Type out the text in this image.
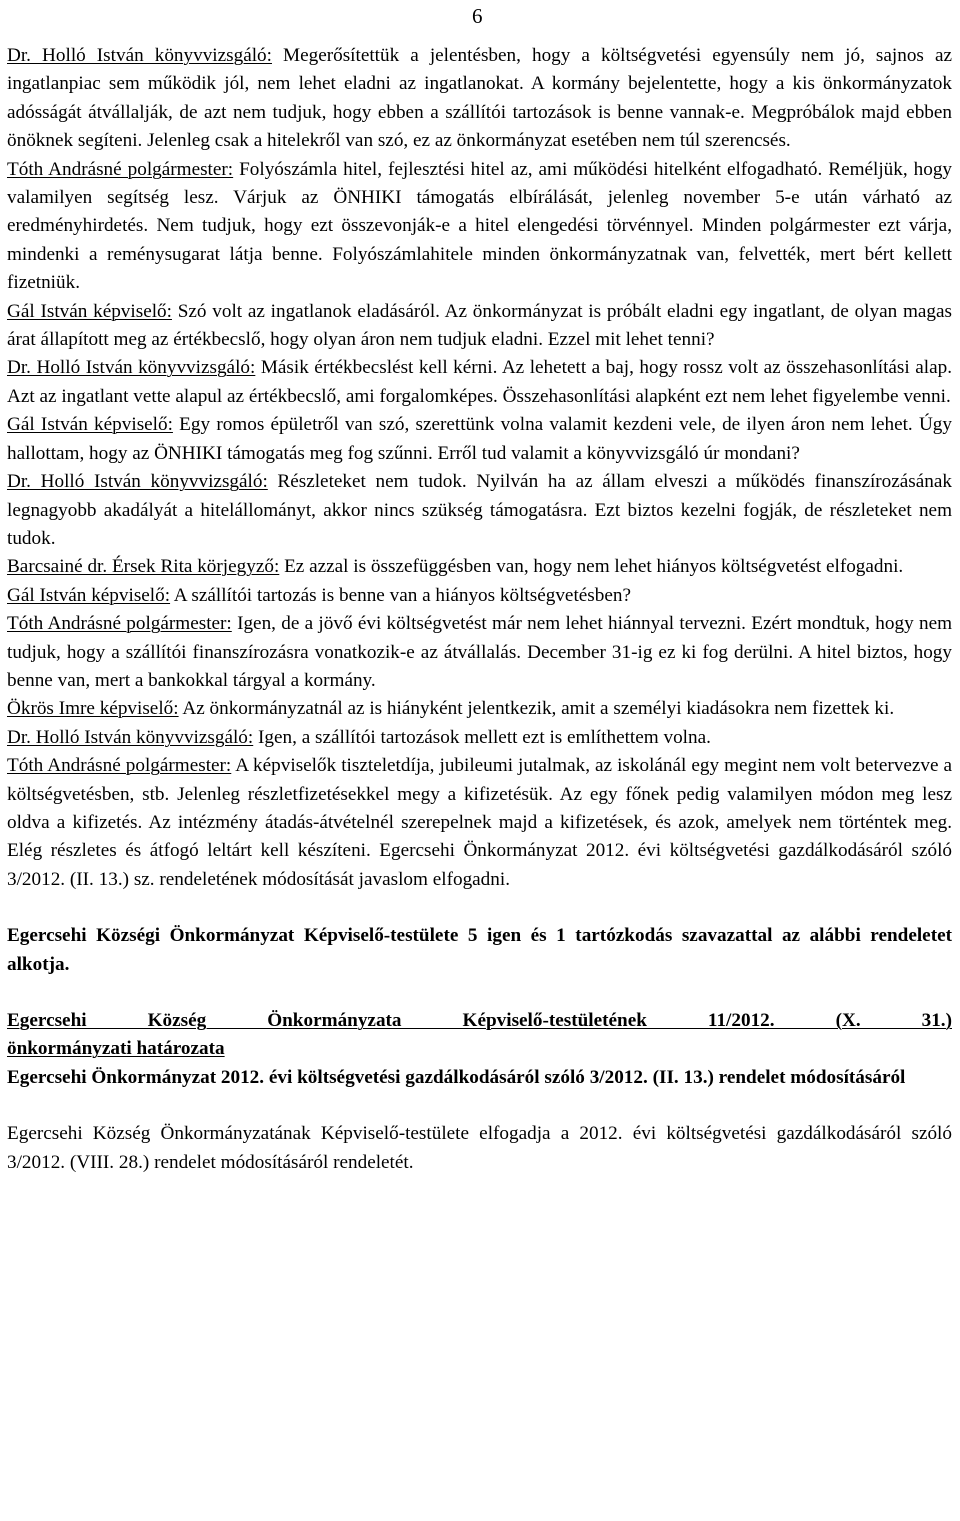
6

Dr. Holló István könyvvizsgáló: Megerősítettük a jelentésben, hogy a költségvetési egyensúly nem jó, sajnos az ingatlanpiac sem működik jól, nem lehet eladni az ingatlanokat. A kormány bejelentette, hogy a kis önkormányzatok adósságát átvállalják, de azt nem tudjuk, hogy ebben a szállítói tartozások is benne vannak-e. Megpróbálok majd ebben önöknek segíteni. Jelenleg csak a hitelekről van szó, ez az önkormányzat esetében nem túl szerencsés.

Tóth Andrásné polgármester: Folyószámla hitel, fejlesztési hitel az, ami működési hitelként elfogadható. Reméljük, hogy valamilyen segítség lesz. Várjuk az ÖNHIKI támogatás elbírálását, jelenleg november 5-e után várható az eredményhirdetés. Nem tudjuk, hogy ezt összevonják-e a hitel elengedési törvénnyel. Minden polgármester ezt várja, mindenki a reménysugarat látja benne. Folyószámlahitele minden önkormányzatnak van, felvették, mert bért kellett fizetniük.

Gál István képviselő: Szó volt az ingatlanok eladásáról. Az önkormányzat is próbált eladni egy ingatlant, de olyan magas árat állapított meg az értékbecslő, hogy olyan áron nem tudjuk eladni. Ezzel mit lehet tenni?

Dr. Holló István könyvvizsgáló: Másik értékbecslést kell kérni. Az lehetett a baj, hogy rossz volt az összehasonlítási alap. Azt az ingatlant vette alapul az értékbecslő, ami forgalomképes. Összehasonlítási alapként ezt nem lehet figyelembe venni.

Gál István képviselő: Egy romos épületről van szó, szerettünk volna valamit kezdeni vele, de ilyen áron nem lehet. Úgy hallottam, hogy az ÖNHIKI támogatás meg fog szűnni. Erről tud valamit a könyvvizsgáló úr mondani?

Dr. Holló István könyvvizsgáló: Részleteket nem tudok. Nyilván ha az állam elveszi a működés finanszírozásának legnagyobb akadályát a hitelállományt, akkor nincs szükség támogatásra. Ezt biztos kezelni fogják, de részleteket nem tudok.

Barcsainé dr. Érsek Rita körjegyző: Ez azzal is összefüggésben van, hogy nem lehet hiányos költségvetést elfogadni.

Gál István képviselő: A szállítói tartozás is benne van a hiányos költségvetésben?

Tóth Andrásné polgármester: Igen, de a jövő évi költségvetést már nem lehet hiánnyal tervezni. Ezért mondtuk, hogy nem tudjuk, hogy a szállítói finanszírozásra vonatkozik-e az átvállalás. December 31-ig ez ki fog derülni. A hitel biztos, hogy benne van, mert a bankokkal tárgyal a kormány.

Ökrös Imre képviselő: Az önkormányzatnál az is hiányként jelentkezik, amit a személyi kiadásokra nem fizettek ki.

Dr. Holló István könyvvizsgáló: Igen, a szállítói tartozások mellett ezt is említhettem volna.

Tóth Andrásné polgármester: A képviselők tiszteletdíja, jubileumi jutalmak, az iskolánál egy megint nem volt betervezve a költségvetésben, stb. Jelenleg részletfizetésekkel megy a kifizetésük. Az egy főnek pedig valamilyen módon meg lesz oldva a kifizetés. Az intézmény átadás-átvételnél szerepelnek majd a kifizetések, és azok, amelyek nem történtek meg. Elég részletes és átfogó leltárt kell készíteni. Egercsehi Önkormányzat 2012. évi költségvetési gazdálkodásáról szóló 3/2012. (II. 13.) sz. rendeletének módosítását javaslom elfogadni.

Egercsehi Községi Önkormányzat Képviselő-testülete 5 igen és 1 tartózkodás szavazattal az alábbi rendeletet alkotja.

Egercsehi Község Önkormányzata Képviselő-testületének 11/2012. (X. 31.)

önkormányzati határozata

Egercsehi Önkormányzat 2012. évi költségvetési gazdálkodásáról szóló 3/2012. (II. 13.) rendelet módosításáról

Egercsehi Község Önkormányzatának Képviselő-testülete elfogadja a 2012. évi költségvetési gazdálkodásáról szóló 3/2012. (VIII. 28.) rendelet módosításáról rendeletét.
